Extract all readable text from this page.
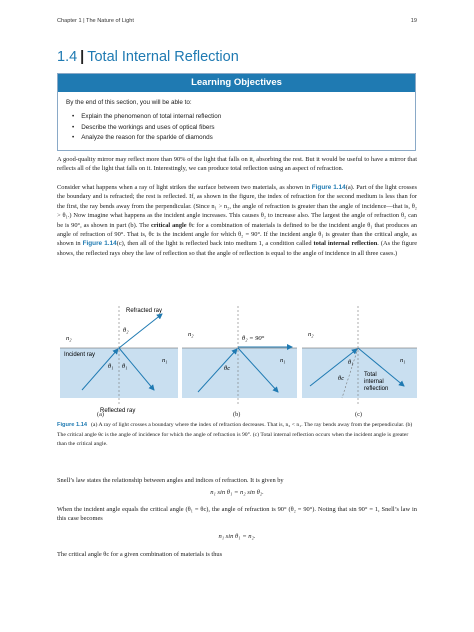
Chapter 1 | The Nature of Light	19
1.4 | Total Internal Reflection
Learning Objectives
By the end of this section, you will be able to:
• Explain the phenomenon of total internal reflection
• Describe the workings and uses of optical fibers
• Analyze the reason for the sparkle of diamonds

A good-quality mirror may reflect more than 90% of the light that falls on it, absorbing the rest. But it would be useful to have a mirror that reflects all of the light that falls on it. Interestingly, we can produce total reflection using an aspect of refraction.

Consider what happens when a ray of light strikes the surface between two materials, as shown in Figure 1.14(a). Part of the light crosses the boundary and is refracted; the rest is reflected. If, as shown in the figure, the index of refraction for the second medium is less than for the first, the ray bends away from the perpendicular. (Since n₁ > n₂, the angle of refraction is greater than the angle of incidence—that is, θ₂ > θ₁.) Now imagine what happens as the incident angle increases. This causes θ₂ to increase also. The largest the angle of refraction θ₂ can be is 90°, as shown in part (b). The critical angle θc for a combination of materials is defined to be the incident angle θ₁ that produces an angle of refraction of 90°. That is, θc is the incident angle for which θ₂ = 90°. If the incident angle θ₁ is greater than the critical angle, as shown in Figure 1.14(c), then all of the light is reflected back into medium 1, a condition called total internal reflection. (As the figure shows, the reflected rays obey the law of reflection so that the angle of reflection is equal to the angle of incidence in all three cases.)

Refracted ray
Incident ray
Reflected ray
n₂
n₁
θ₂
θ₁ θ₁
n₂
n₁
θ₂ = 90°
θc
n₂
n₁
θ₁
θc	Total
internal
reflection
(a)	(b)	(c)

Figure 1.14 (a) A ray of light crosses a boundary where the index of refraction decreases. That is, n₂ < n₁. The ray bends away from the perpendicular. (b) The critical angle θc is the angle of incidence for which the angle of refraction is 90°. (c) Total internal reflection occurs when the incident angle is greater than the critical angle.

Snell’s law states the relationship between angles and indices of refraction. It is given by

n₁ sin θ₁ = n₂ sin θ₂.

When the incident angle equals the critical angle (θ₁ = θc), the angle of refraction is 90° (θ₂ = 90°). Noting that sin 90° = 1, Snell’s law in this case becomes

n₁ sin θ₁ = n₂.

The critical angle θc for a given combination of materials is thus
